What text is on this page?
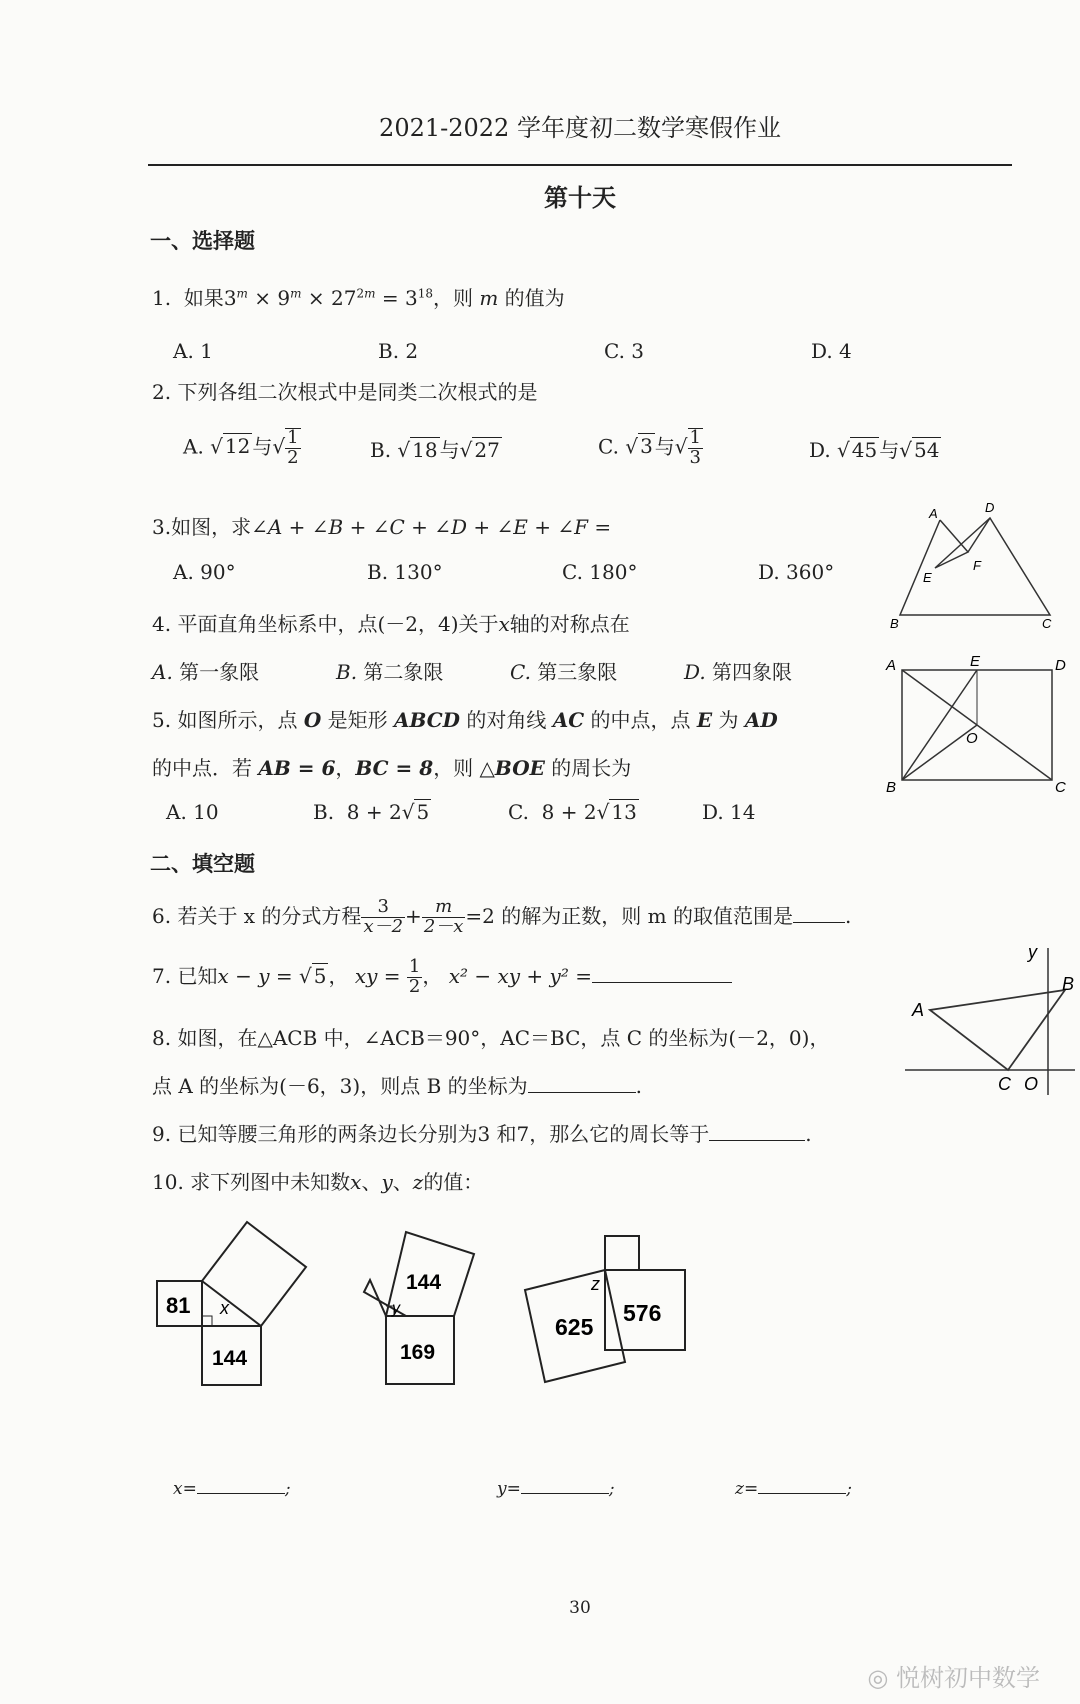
2021-2022 学年度初二数学寒假作业
第十天
一、选择题
1. 如果$3^m \times 9^m \times 27^{2m} = 3^{18}$，则 m 的值为
A. 1	B. 2	C. 3	D. 4
2. 下列各组二次根式中是同类二次根式的是
A. √ 12 与√ $\frac{1}{2}$	B. √ 18 与√ 27	C. √ 3 与√ $\frac{1}{3}$	D. √ 45 与√ 54
3.如图，求∠A + ∠B + ∠C + ∠D + ∠E + ∠F =
A. 90°	B. 130°	C. 180°	D. 360°
A
B	C
D
E
F
4. 平面直角坐标系中，点(－2，4)关于x轴的对称点在
A. 第一象限	B. 第二象限	C. 第三象限	D. 第四象限
5. 如图所示，点 O 是矩形 ABCD 的对角线 AC 的中点，点 E 为 AD
的中点．若 AB = 6，BC = 8，则 △BOE 的周长为
A. 10	B. 8 + 2√ 5	C. 8 + 2√ 13	D. 14
A	E	D
O
B	C
二、填空题
6. 若关于 x 的分式方程 $\frac{3}{x-2} + \frac{m}{2-x} =2$ 的解为正数，则 m 的取值范围是	.
7. 已知x − y = √ 5 ， xy = $\frac{1}{2}$ ， x² − xy + y² =
8. 如图，在△ACB 中，∠ACB＝90°，AC＝BC，点 C 的坐标为(－2，0)，
点 A 的坐标为(－6，3)，则点 B 的坐标为	.
y
A
B
C O
9. 已知等腰三角形的两条边长分别为3 和7，那么它的周长等于	.
10. 求下列图中未知数x、y、z的值：
81
144
x
144
169
y
625
576
z
x=	;	y=	;	z=	;
30
◎ 悦树初中数学
